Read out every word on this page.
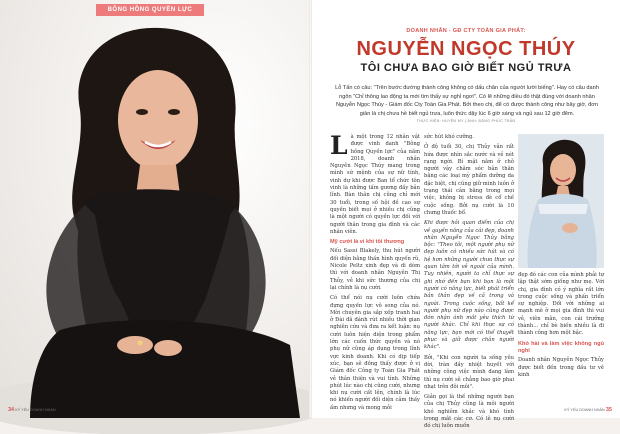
BÔNG HỒNG QUYỀN LỰC
34 KỶ YẾU DOANH NHÂN
DOANH NHÂN - GĐ CTY TOÀN GIA PHÁT:
NGUYỄN NGỌC THÚY
TÔI CHƯA BAO GIỜ BIẾT NGỦ TRƯA
Lỗ Tấn có câu: "Trên bước đường thành công không có dấu chân của người lười biếng". Hay có câu danh ngôn "Chỉ thông lao động ta mới tìm thấy sự nghỉ ngơi". Có lẽ những điều đó thật đúng với doanh nhân Nguyễn Ngọc Thúy - Giám đốc Cty Toàn Gia Phát. Bởi theo chị, để có được thành công như bây giờ, đơn giản là chị chưa hề biết ngủ trưa, luôn thức dậy lúc 6 giờ sáng và ngủ sau 12 giờ đêm.
THỰC HIỆN: HUYỀN MY | ẢNH: ĐẶNG PHÚC TRẦN

Là một trong 12 nhân vật được vinh danh "Bông hồng Quyền lực" của năm 2018, doanh nhân Nguyễn Ngọc Thúy mang trong mình sứ mệnh của sự nữ tính, vinh dự khi được Ban tổ chức tôn vinh là những tấm gương đầy bản lĩnh. Bàn thân chị cũng chỉ mới 30 tuổi, trong số hội đề cao sự quyền biết mọi ở nhiều chị cũng là một người có quyền lực đối với người thân trong gia đình và các nhân viên.

Mỹ cưới là vì khi tôi thương

Nếu Sassi Blakely, thu hút người đối diện bằng thần hình quyến rũ, Nicole Peltz xinh đẹp và di dòm thì với doanh nhân Nguyễn Thị Thủy, vẻ khi sức thương của chị lại chính là nụ cười.

Có thể nói nụ cười luôn chứa đựng quyền lực vô song của nó. Mời chuyên gia sắp xếp tranh hai ở Đài đã đánh rút nhiều thời gian nghiên cứu và đưa ra kết luận: nụ cười luôn hiện diện trong phẩm lớn các cuốn thức quyền và nó phụ nữ cũng áp dụng trong lĩnh vực kinh doanh. Khi có dịp tiếp xúc, bạn sẽ đồng thấy được ở vị Giám đốc Công ty Toàn Gia Phát vẻ thân thiện và vui tính. Những phút lúc nào chị cũng cười, nhưng khi nụ cười cất lên, chính là lúc nó khiến người đối diện cảm thấy ấm nhưng và mong mỏi

sức hút khó cưỡng.

Ở độ tuổi 30, chị Thủy vẫn rất hứa được nhìn sắc nước và vẻ nét rạng ngời. Bí mật nằm ở chỗ người vậy chăm sóc bản thân bằng các loại mỹ phẩm dưỡng da đặc biệt, chị cũng giữ mình luôn ở trạng thái cân bằng trong mọi việc, không bị stress đè cổ chế cuộc sống. Bởi nụ cười là 10 chưng thuốc bổ.

Khi được hỏi quan điểm của chị về quyền năng của cái đẹp, doanh nhân Nguyễn Ngọc Thủy bằng bộc: "Theo tôi, một người phụ nữ đẹp luôn có nhiều sức hút và có hệ hơn những người chưa thực sự quan tâm tới vẻ ngoài của mình. Tuy nhiên, người ta chỉ thực sự ghi nhớ đến bạn khi bạn là một người có năng lực, biết phát triển bản thân đẹp về cả trong và ngoài. Trong cuộc sống, bất kể người phụ nữ đẹp nào cũng được đón nhận ánh mắt yêu thích từ người khác. Chỉ khi thực sự có năng lực, bạn mới có thể thuyết phục và giữ được chân người khác".

Bởi, "Khi con người ta sống yêu đời, tràn đầy nhiệt huyết với những công việc mình đang làm thì nụ cười sẽ chẳng bao giờ phai nhạt trên đôi môi".

Giản gọi là thế những người bạn của chị Thủy cũng là môi người khó nghiêm khắc và khó tính trong mắt các cơ. Có lẽ nụ cười đó chị luôn muốn

đẹp đó các con của mình phải tự lập thật sớm giống như mẹ. Với chị, gia đình có ý nghĩa rất lớn trong cuộc sống và phấn triển sự nghiệp. Đối với những ai mạnh mẽ ở mọi gia đình thì vui vẻ, viên mãn, con cái trưởng thành... chỉ bè biến nhiều là đi thành công hơn một bậc.

Khó hài và làm việc không ngủ nghỉ

Doanh nhân Nguyễn Ngọc Thủy được biết đến trong đầu tư về kinh

KỶ YẾU DOANH NHÂN 35
